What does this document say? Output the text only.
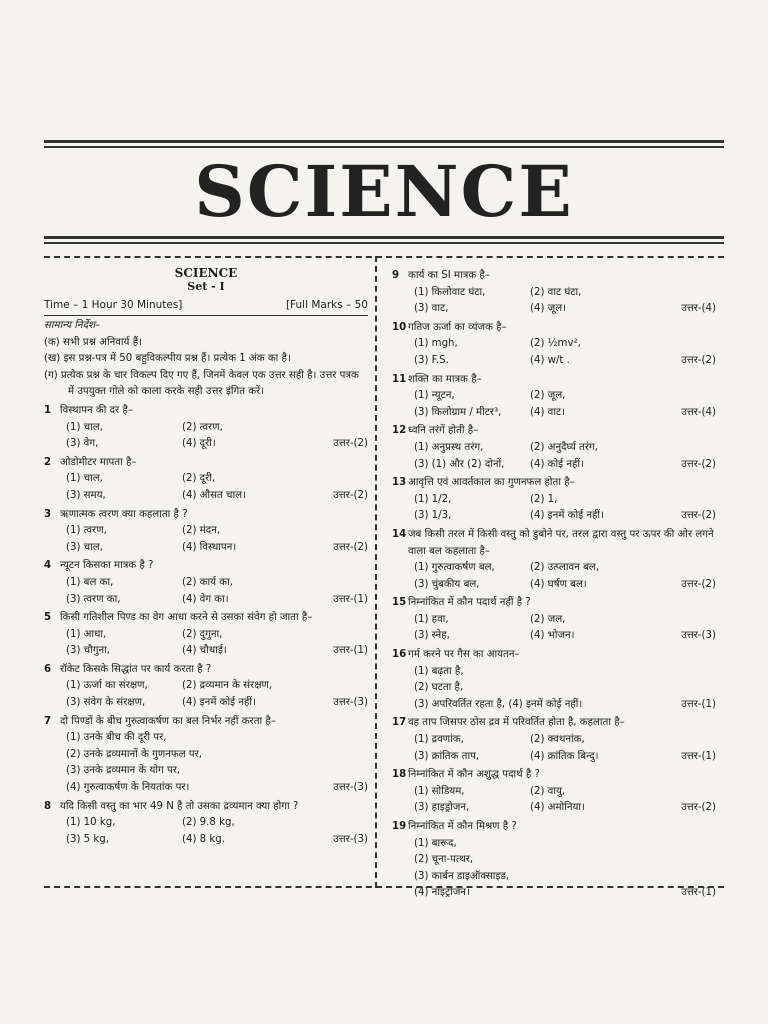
SCIENCE
SCIENCE
Set - I
Time – 1 Hour 30 Minutes]	[Full Marks – 50
सामान्य निर्देश–
(क) सभी प्रश्न अनिवार्य हैं।
(ख) इस प्रश्न-पत्र में 50 बहुविकल्पीय प्रश्न हैं। प्रत्येक 1 अंक का है।
(ग) प्रत्येक प्रश्न के चार विकल्प दिए गए हैं, जिनमें केवल एक उत्तर सही है। उत्तर पत्रक में उपयुक्त गोले को काला करके सही उत्तर इंगित करें।
1 विस्थापन की दर है–
(1) चाल,	(2) त्वरण,
(3) वेग,	(4) दूरी।	उत्तर-(2)
2 ओडोमीटर मापता है–
(1) चाल,	(2) दूरी,
(3) समय,	(4) औसत चाल।	उत्तर-(2)
3 ऋणात्मक त्वरण क्या कहलाता है ?
(1) त्वरण,	(2) मंदन,
(3) चाल,	(4) विस्थापन।	उत्तर-(2)
4 न्यूटन किसका मात्रक है ?
(1) बल का,	(2) कार्य का,
(3) त्वरण का,	(4) वेग का।	उत्तर-(1)
5 किसी गतिशील पिण्ड का वेग आधा करने से उसका संवेग हो जाता है–
(1) आधा,	(2) दुगुना,
(3) चौगुना,	(4) चौथाई।	उत्तर-(1)
6 रॉकेट किसके सिद्धांत पर कार्य करता है ?
(1) ऊर्जा का संरक्षण,	(2) द्रव्यमान के संरक्षण,
(3) संवेग के संरक्षण,	(4) इनमें कोई नहीं।	उत्तर-(3)
7 दो पिण्डों के बीच गुरुत्वाकर्षण का बल निर्भर नहीं करता है–
(1) उनके बीच की दूरी पर,
(2) उनके द्रव्यमानों के गुणनफल पर,
(3) उनके द्रव्यमान के योग पर,
(4) गुरुत्वाकर्षण के नियतांक पर।	उत्तर-(3)
8 यदि किसी वस्तु का भार 49 N है तो उसका द्रव्यमान क्या होगा ?
(1) 10 kg,	(2) 9.8 kg,
(3) 5 kg,	(4) 8 kg.	उत्तर-(3)
9 कार्य का SI मात्रक है–
(1) किलोवाट घंटा,	(2) वाट घंटा,
(3) वाट,	(4) जूल।	उत्तर-(4)
10 गतिज ऊर्जा का व्यंजक है–
(1) mgh,	(2) ½mv²,
(3) F.S.	(4) w/t .	उत्तर-(2)
11 शक्ति का मात्रक है–
(1) न्यूटन,	(2) जूल,
(3) किलोग्राम / मीटर³,	(4) वाट।	उत्तर-(4)
12 ध्वनि तरंगें होती है–
(1) अनुप्रस्थ तरंग,	(2) अनुदैर्घ्य तरंग,
(3) (1) और (2) दोनों,	(4) कोई नहीं।	उत्तर-(2)
13 आवृत्ति एवं आवर्तकाल का गुणनफल होता है–
(1) 1/2,	(2) 1,
(3) 1/3,	(4) इनमें कोई नहीं।	उत्तर-(2)
14 जब किसी तरल में किसी वस्तु को डुबोने पर, तरल द्वारा वस्तु पर ऊपर की ओर लगने वाला बल कहलाता है–
(1) गुरुत्वाकर्षण बल,	(2) उत्प्लावन बल,
(3) चुंबकीय बल,	(4) घर्षण बल।	उत्तर-(2)
15 निम्नांकित में कौन पदार्थ नहीं है ?
(1) हवा,	(2) जल,
(3) स्नेह,	(4) भोजन।	उत्तर-(3)
16 गर्म करने पर गैस का आयतन–
(1) बढ़ता है,
(2) घटता है,
(3) अपरिवर्तित रहता है, (4) इनमें कोई नहीं।	उत्तर-(1)
17 वह ताप जिसपर ठोस द्रव में परिवर्तित होता है, कहलाता है–
(1) द्रवणांक,	(2) क्वथनांक,
(3) क्रांतिक ताप,	(4) क्रांतिक बिन्दु।	उत्तर-(1)
18 निम्नांकित में कौन अशुद्ध पदार्थ है ?
(1) सोडियम,	(2) वायु,
(3) हाइड्रोजन,	(4) अमोनिया।	उत्तर-(2)
19 निम्नांकित में कौन मिश्रण है ?
(1) बारूद,
(2) चूना-पत्थर,
(3) कार्बन डाइऑक्साइड,
(4) नाइट्रोजन।	उत्तर-(1)
